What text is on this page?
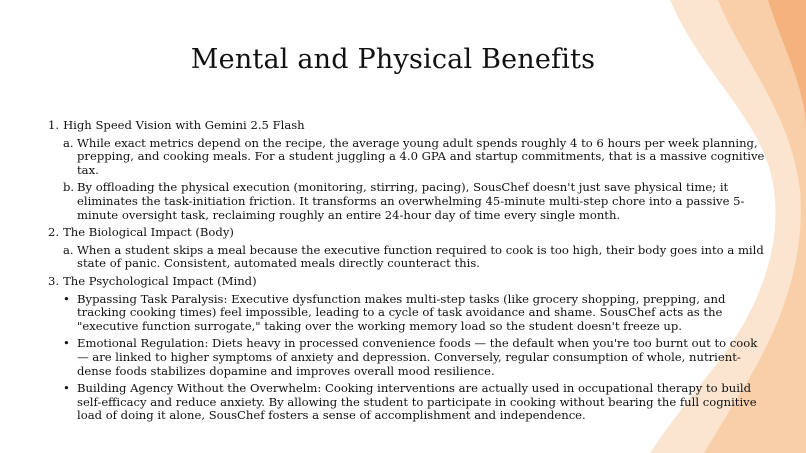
Mental and Physical Benefits
1. High Speed Vision with Gemini 2.5 Flash
a. While exact metrics depend on the recipe, the average young adult spends roughly 4 to 6 hours per week planning, prepping, and cooking meals. For a student juggling a 4.0 GPA and startup commitments, that is a massive cognitive tax.
b. By offloading the physical execution (monitoring, stirring, pacing), SousChef doesn't just save physical time; it eliminates the task-initiation friction. It transforms an overwhelming 45-minute multi-step chore into a passive 5-minute oversight task, reclaiming roughly an entire 24-hour day of time every single month.
2. The Biological Impact (Body)
a. When a student skips a meal because the executive function required to cook is too high, their body goes into a mild state of panic. Consistent, automated meals directly counteract this.
3. The Psychological Impact (Mind)
• Bypassing Task Paralysis: Executive dysfunction makes multi-step tasks (like grocery shopping, prepping, and tracking cooking times) feel impossible, leading to a cycle of task avoidance and shame. SousChef acts as the "executive function surrogate," taking over the working memory load so the student doesn't freeze up.
• Emotional Regulation: Diets heavy in processed convenience foods — the default when you're too burnt out to cook — are linked to higher symptoms of anxiety and depression. Conversely, regular consumption of whole, nutrient-dense foods stabilizes dopamine and improves overall mood resilience.
• Building Agency Without the Overwhelm: Cooking interventions are actually used in occupational therapy to build self-efficacy and reduce anxiety. By allowing the student to participate in cooking without bearing the full cognitive load of doing it alone, SousChef fosters a sense of accomplishment and independence.
